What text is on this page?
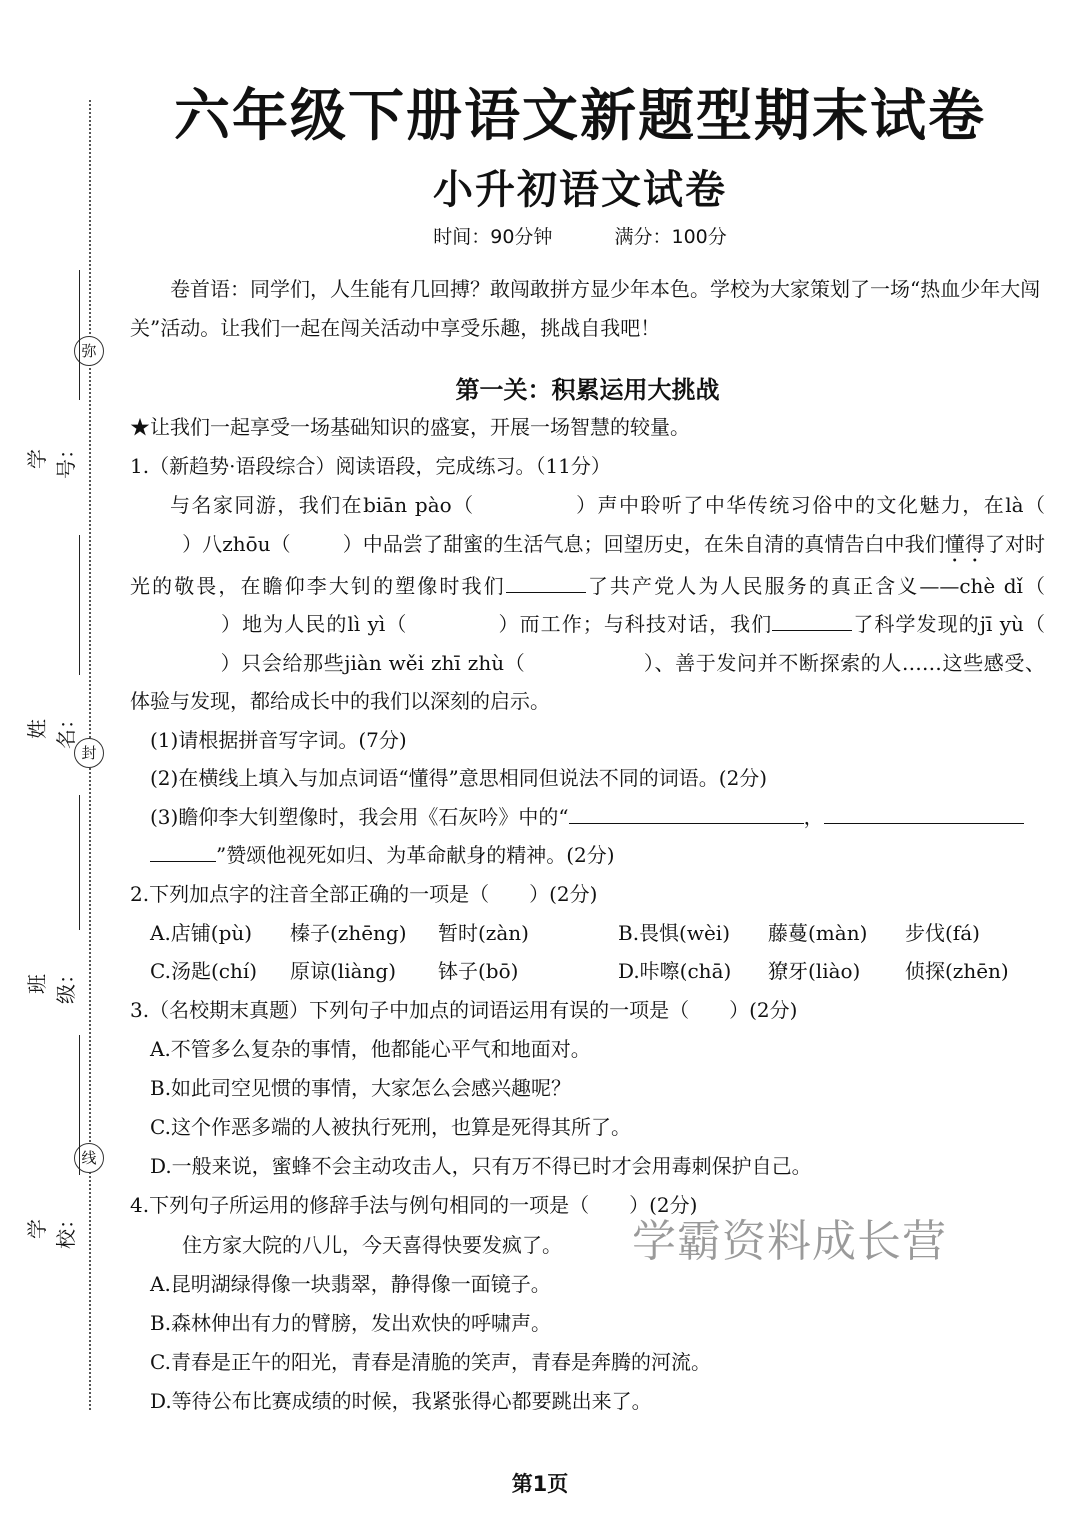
弥
封
线
学号：
姓名：
班级：
学校：
六年级下册语文新题型期末试卷
小升初语文试卷
时间：90分钟	满分：100分

卷首语：同学们，人生能有几回搏？敢闯敢拼方显少年本色。学校为大家策划了一场“热血少年大闯关”活动。让我们一起在闯关活动中享受乐趣，挑战自我吧！

第一关：积累运用大挑战

★让我们一起享受一场基础知识的盛宴，开展一场智慧的较量。

1.（新趋势·语段综合）阅读语段，完成练习。（11分）

与名家同游，我们在biān pào（	）声中聆听了中华传统习俗中的文化魅力，在là（）八zhōu（	）中品尝了甜蜜的生活气息；回望历史，在朱自清的真情告白中我们懂得了对时光的敬畏，在瞻仰李大钊的塑像时我们	了共产党人为人民服务的真正含义——chè dǐ（）地为人民的lì yì（	）而工作；与科技对话，我们	了科学发现的jī yù（）只会给那些jiàn wěi zhī zhù（	）、善于发问并不断探索的人……这些感受、体验与发现，都给成长中的我们以深刻的启示。

(1)请根据拼音写字词。(7分)

(2)在横线上填入与加点词语“懂得”意思相同但说法不同的词语。(2分)

(3)瞻仰李大钊塑像时，我会用《石灰吟》中的“	，
”赞颂他视死如归、为革命献身的精神。(2分)

2.下列加点字的注音全部正确的一项是（　　）(2分)

A.店铺(pù)	榛子(zhēng)	暂时(zàn)	B.畏惧(wèi)	藤蔓(màn)	步伐(fá)
C.汤匙(chí)	原谅(liàng)	钵子(bō)	D.咔嚓(chā)	獠牙(liào)	侦探(zhēn)

3.（名校期末真题）下列句子中加点的词语运用有误的一项是（　　）(2分)

A.不管多么复杂的事情，他都能心平气和地面对。

B.如此司空见惯的事情，大家怎么会感兴趣呢？

C.这个作恶多端的人被执行死刑，也算是死得其所了。

D.一般来说，蜜蜂不会主动攻击人，只有万不得已时才会用毒刺保护自己。

4.下列句子所运用的修辞手法与例句相同的一项是（　　）(2分)

住方家大院的八儿，今天喜得快要发疯了。

A.昆明湖绿得像一块翡翠，静得像一面镜子。

B.森林伸出有力的臂膀，发出欢快的呼啸声。

C.青春是正午的阳光，青春是清脆的笑声，青春是奔腾的河流。

D.等待公布比赛成绩的时候，我紧张得心都要跳出来了。

学霸资料成长营
第1页
